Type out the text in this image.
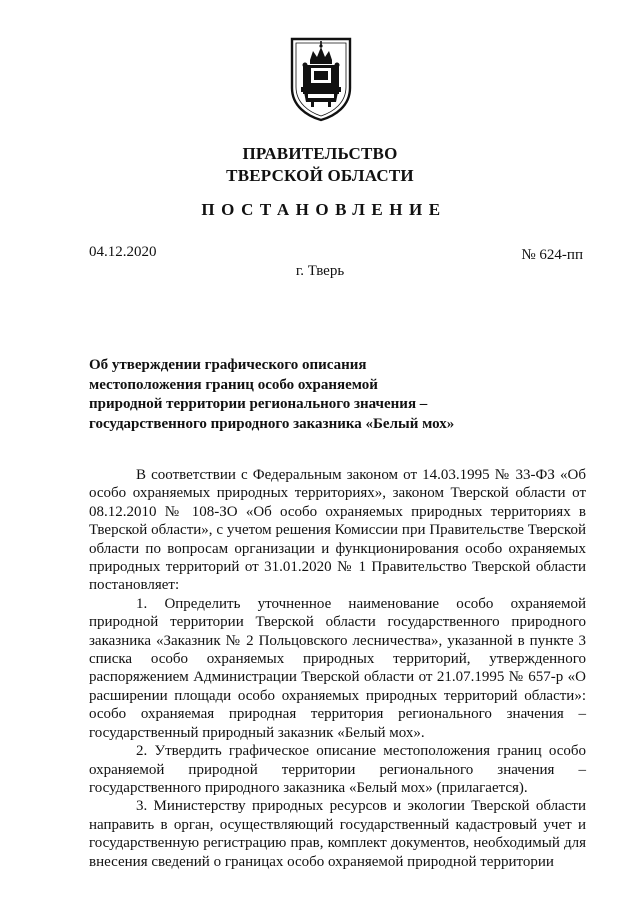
ПРАВИТЕЛЬСТВО
ТВЕРСКОЙ ОБЛАСТИ
ПОСТАНОВЛЕНИЕ
04.12.2020	№ 624-пп
г. Тверь
Об утверждении графического описания
местоположения границ особо охраняемой
природной территории регионального значения –
государственного природного заказника «Белый мох»

В соответствии с Федеральным законом от 14.03.1995 № 33-ФЗ «Об особо охраняемых природных территориях», законом Тверской области от 08.12.2010 № 108-ЗО «Об особо охраняемых природных территориях в Тверской области», с учетом решения Комиссии при Правительстве Тверской области по вопросам организации и функционирования особо охраняемых природных территорий от 31.01.2020 № 1 Правительство Тверской области постановляет:

1. Определить уточненное наименование особо охраняемой природной территории Тверской области государственного природного заказника «Заказник № 2 Польцовского лесничества», указанной в пункте 3 списка особо охраняемых природных территорий, утвержденного распоряжением Администрации Тверской области от 21.07.1995 № 657-р «О расширении площади особо охраняемых природных территорий области»: особо охраняемая природная территория регионального значения – государственный природный заказник «Белый мох».

2. Утвердить графическое описание местоположения границ особо охраняемой природной территории регионального значения – государственного природного заказника «Белый мох» (прилагается).

3. Министерству природных ресурсов и экологии Тверской области направить в орган, осуществляющий государственный кадастровый учет и государственную регистрацию прав, комплект документов, необходимый для внесения сведений о границах особо охраняемой природной территории
